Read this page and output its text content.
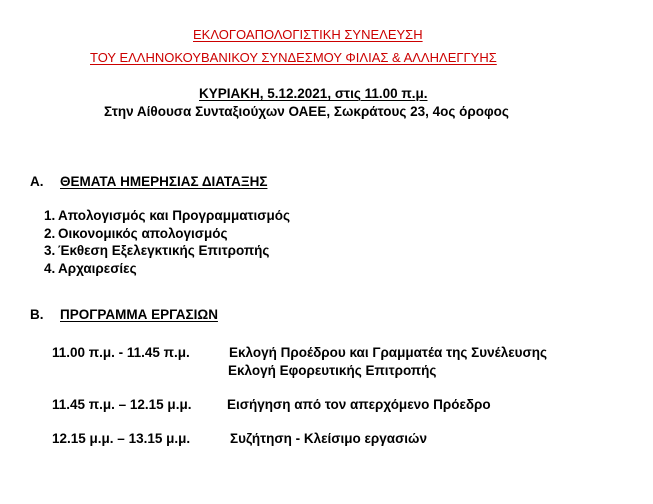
ΕΚΛΟΓΟΑΠΟΛΟΓΙΣΤΙΚΗ ΣΥΝΕΛΕΥΣΗ
ΤΟΥ ΕΛΛΗΝΟΚΟΥΒΑΝΙΚΟΥ ΣΥΝΔΕΣΜΟΥ ΦΙΛΙΑΣ & ΑΛΛΗΛΕΓΓΥΗΣ
ΚΥΡΙΑΚΗ, 5.12.2021, στις 11.00 π.μ.
Στην Αίθουσα Συνταξιούχων ΟΑΕΕ, Σωκράτους 23, 4ος όροφος
Α. ΘΕΜΑΤΑ ΗΜΕΡΗΣΙΑΣ ΔΙΑΤΑΞΗΣ
1. Απολογισμός και Προγραμματισμός
2. Οικονομικός απολογισμός
3. Έκθεση Εξελεγκτικής Επιτροπής
4. Αρχαιρεσίες
Β. ΠΡΟΓΡΑΜΜΑ ΕΡΓΑΣΙΩΝ
11.00 π.μ. - 11.45 π.μ.	Εκλογή Προέδρου και Γραμματέα της Συνέλευσης
Εκλογή Εφορευτικής Επιτροπής
11.45 π.μ. – 12.15 μ.μ.	Εισήγηση από τον απερχόμενο Πρόεδρο
12.15 μ.μ. – 13.15 μ.μ.	Συζήτηση - Κλείσιμο εργασιών
